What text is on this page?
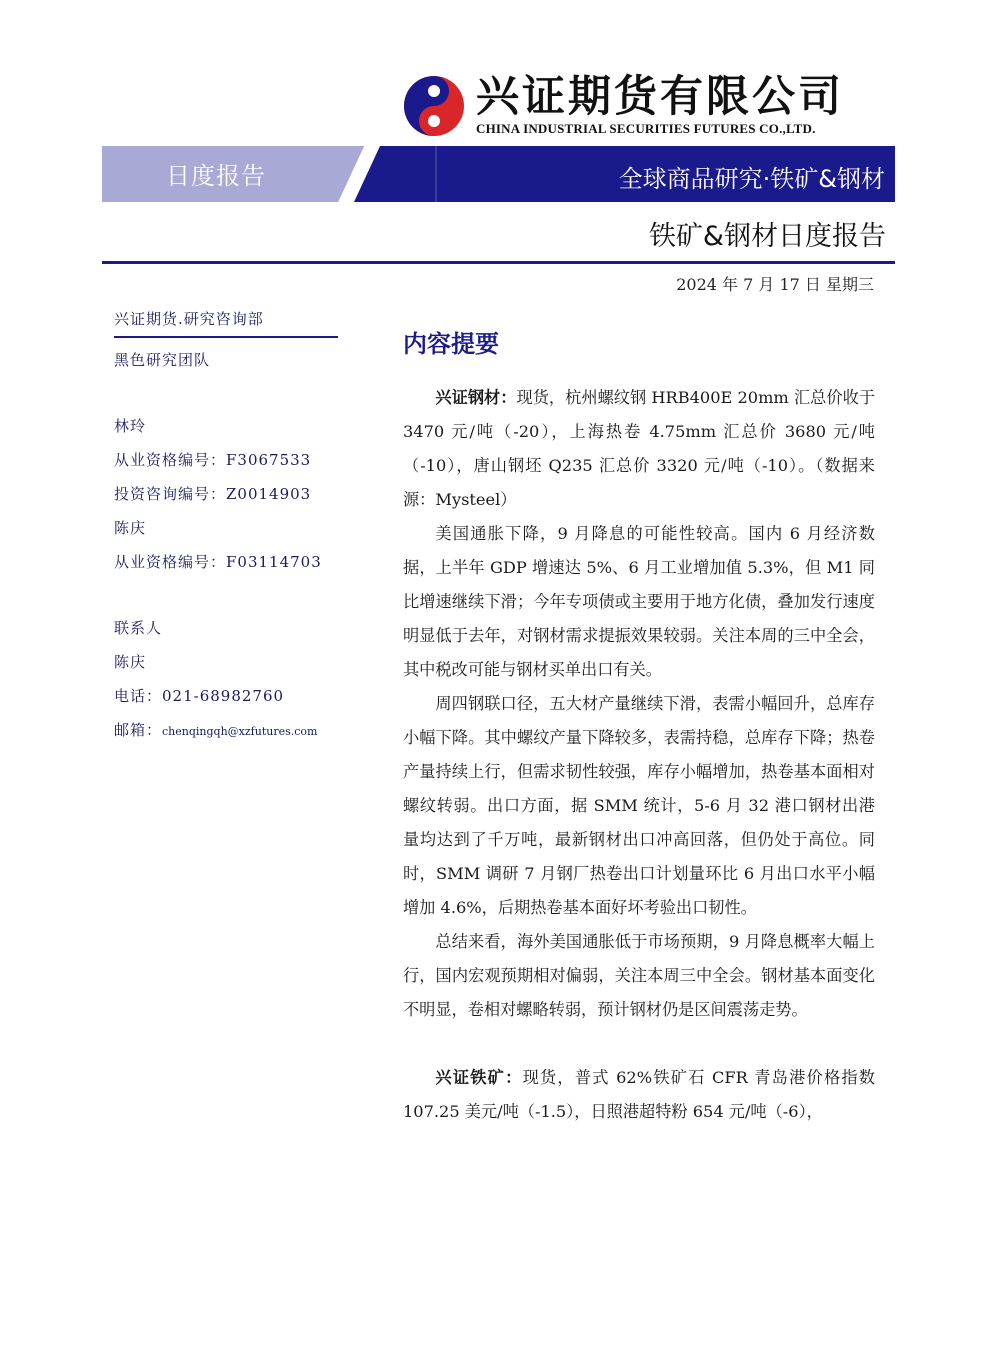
兴证期货有限公司
CHINA INDUSTRIAL SECURITIES FUTURES CO.,LTD.
日度报告	全球商品研究·铁矿&钢材
铁矿&钢材日度报告
2024 年 7 月 17 日 星期三
兴证期货.研究咨询部
黑色研究团队
林玲
从业资格编号：F3067533
投资咨询编号：Z0014903
陈庆
从业资格编号：F03114703
联系人
陈庆
电话：021-68982760
邮箱：chenqingqh@xzfutures.com
内容提要

兴证钢材：现货，杭州螺纹钢 HRB400E 20mm 汇总价收于 3470 元/吨（-20），上海热卷 4.75mm 汇总价 3680 元/吨（-10），唐山钢坯 Q235 汇总价 3320 元/吨（-10）。（数据来源：Mysteel）

美国通胀下降，9 月降息的可能性较高。国内 6 月经济数据，上半年 GDP 增速达 5%、6 月工业增加值 5.3%，但 M1 同比增速继续下滑；今年专项债或主要用于地方化债，叠加发行速度明显低于去年，对钢材需求提振效果较弱。关注本周的三中全会，其中税改可能与钢材买单出口有关。

周四钢联口径，五大材产量继续下滑，表需小幅回升，总库存小幅下降。其中螺纹产量下降较多，表需持稳，总库存下降；热卷产量持续上行，但需求韧性较强，库存小幅增加，热卷基本面相对螺纹转弱。出口方面，据 SMM 统计，5-6 月 32 港口钢材出港量均达到了千万吨，最新钢材出口冲高回落，但仍处于高位。同时，SMM 调研 7 月钢厂热卷出口计划量环比 6 月出口水平小幅增加 4.6%，后期热卷基本面好坏考验出口韧性。

总结来看，海外美国通胀低于市场预期，9 月降息概率大幅上行，国内宏观预期相对偏弱，关注本周三中全会。钢材基本面变化不明显，卷相对螺略转弱，预计钢材仍是区间震荡走势。

兴证铁矿：现货，普式 62%铁矿石 CFR 青岛港价格指数 107.25 美元/吨（-1.5），日照港超特粉 654 元/吨（-6），
